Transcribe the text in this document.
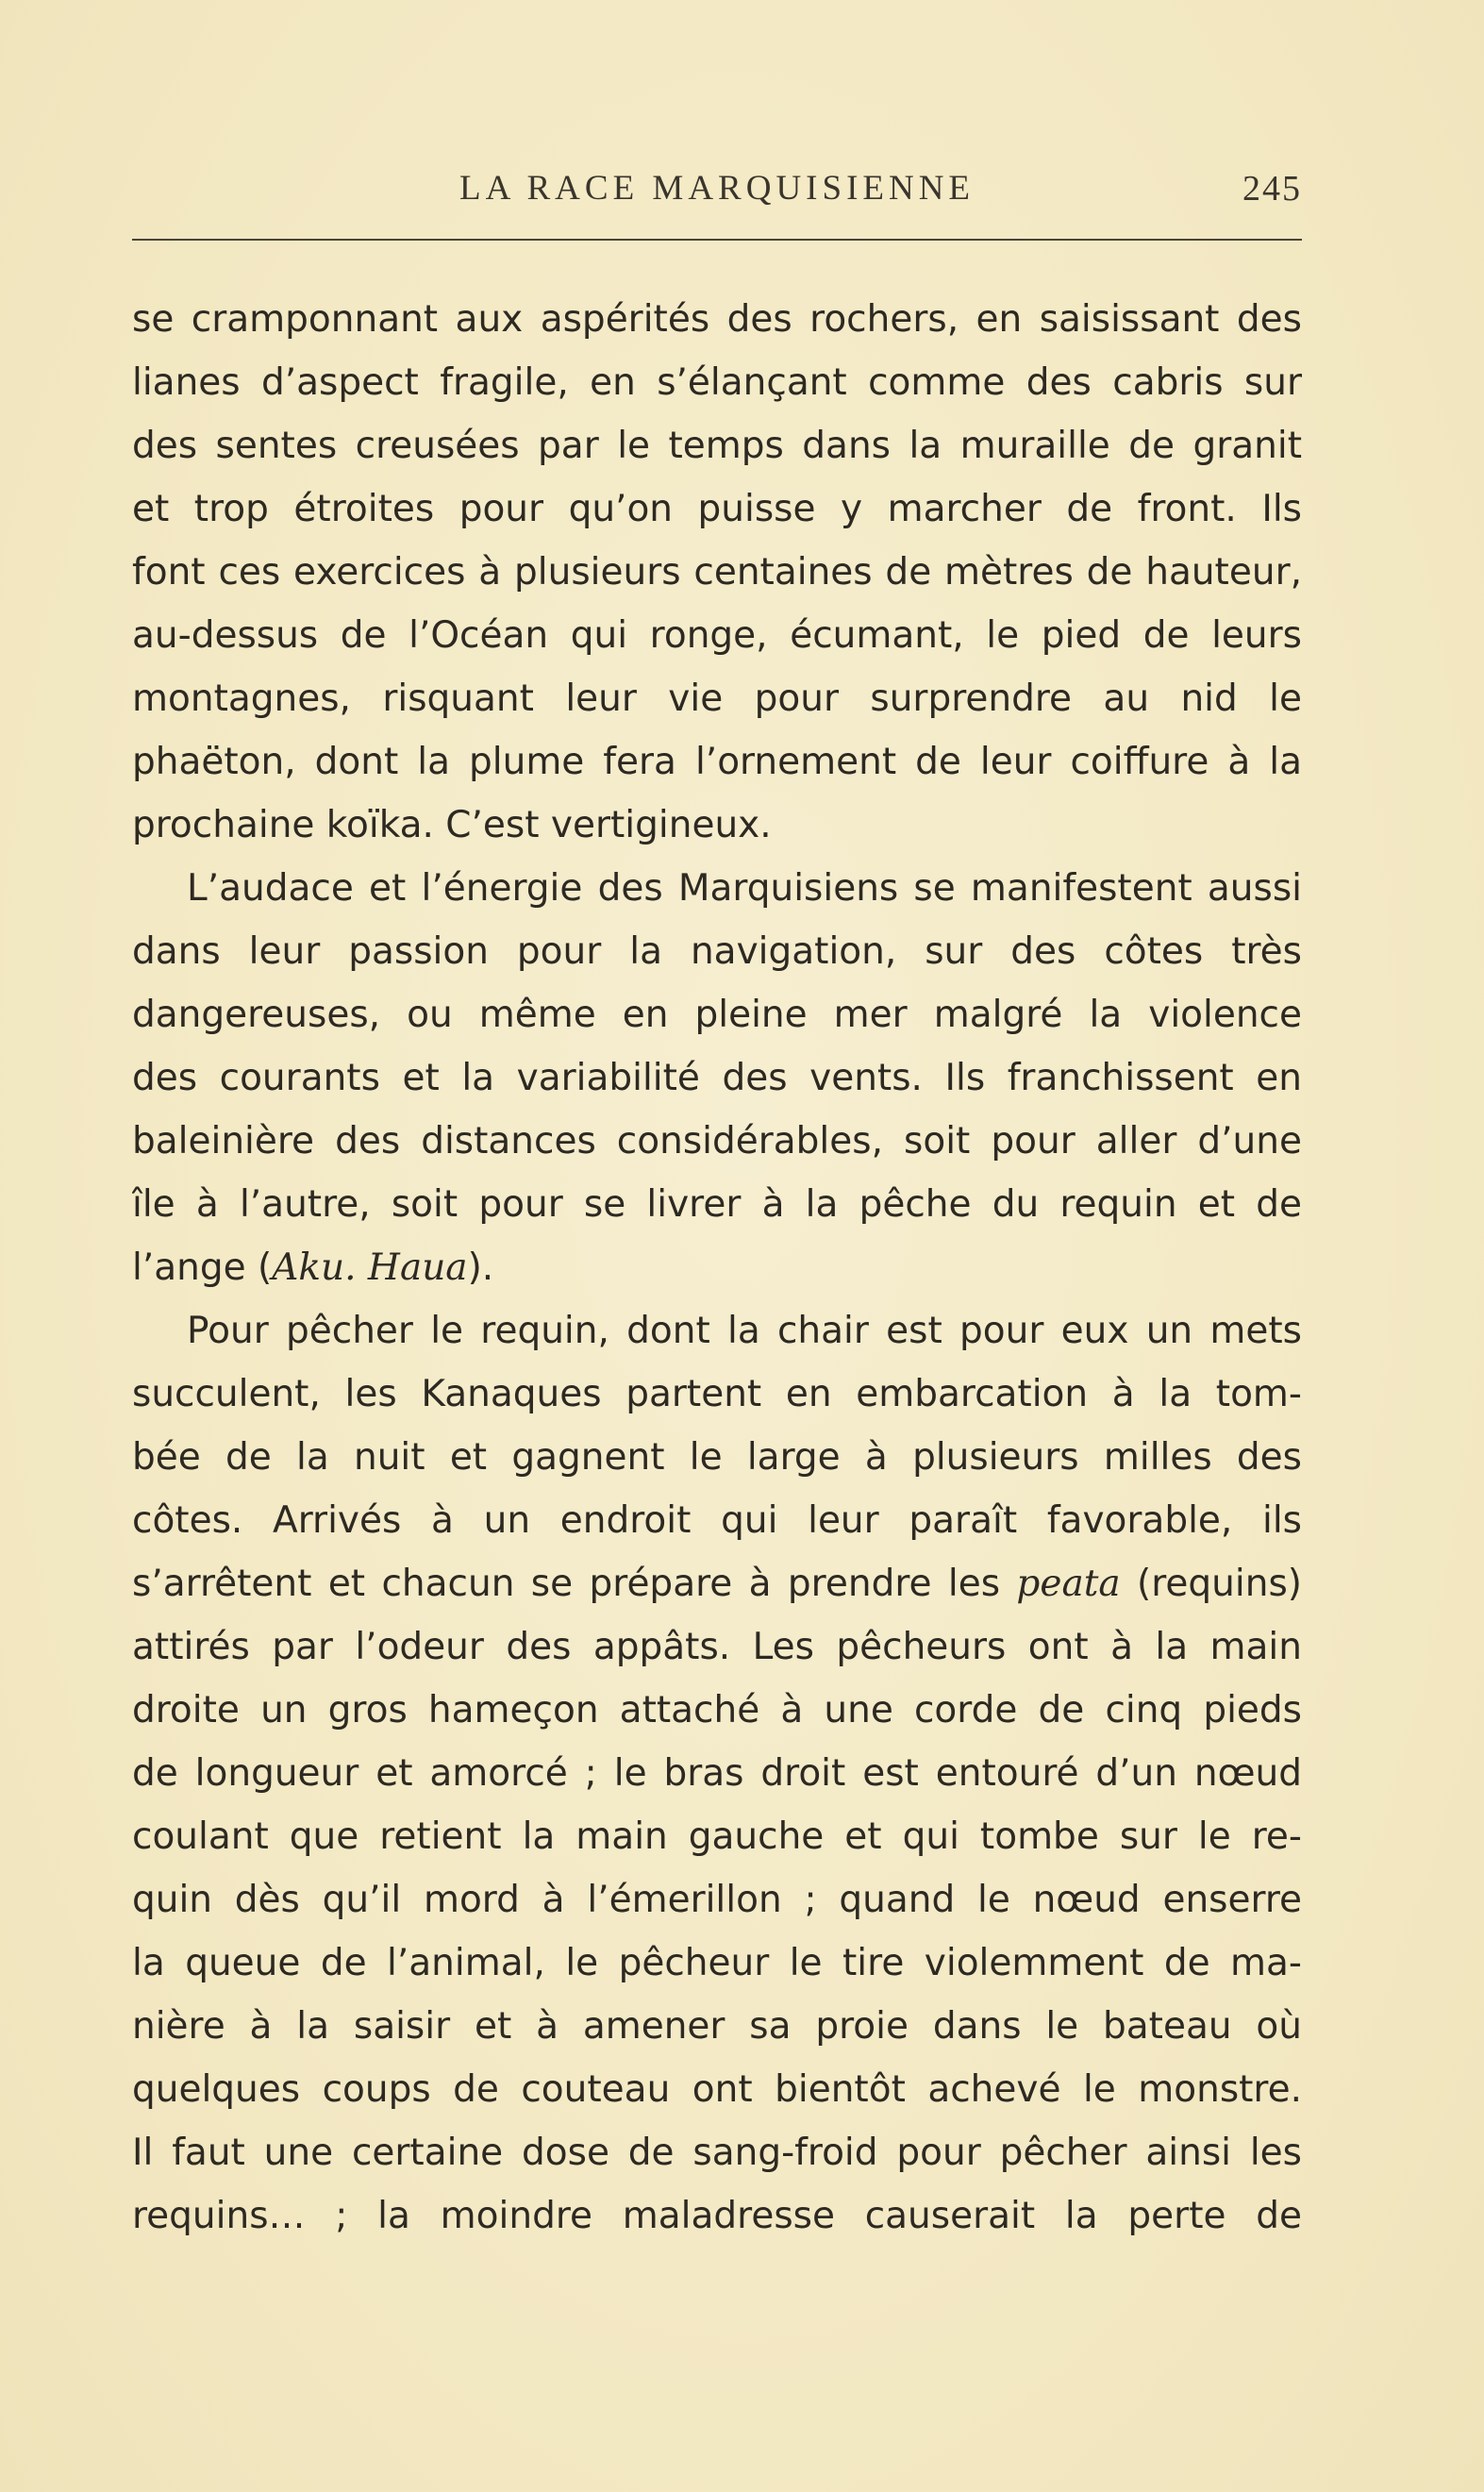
LA RACE MARQUISIENNE	245
se cramponnant aux aspérités des rochers, en saisissant des
lianes d’aspect fragile, en s’élançant comme des cabris sur
des sentes creusées par le temps dans la muraille de granit
et trop étroites pour qu’on puisse y marcher de front. Ils
font ces exercices à plusieurs centaines de mètres de hauteur,
au-dessus de l’Océan qui ronge, écumant, le pied de leurs
montagnes, risquant leur vie pour surprendre au nid le
phaëton, dont la plume fera l’ornement de leur coiffure à la
prochaine koïka. C’est vertigineux.
L’audace et l’énergie des Marquisiens se manifestent aussi
dans leur passion pour la navigation, sur des côtes très
dangereuses, ou même en pleine mer malgré la violence
des courants et la variabilité des vents. Ils franchissent en
baleinière des distances considérables, soit pour aller d’une
île à l’autre, soit pour se livrer à la pêche du requin et de
l’ange (Aku. Haua).
Pour pêcher le requin, dont la chair est pour eux un mets
succulent, les Kanaques partent en embarcation à la tom-
bée de la nuit et gagnent le large à plusieurs milles des
côtes. Arrivés à un endroit qui leur paraît favorable, ils
s’arrêtent et chacun se prépare à prendre les peata (requins)
attirés par l’odeur des appâts. Les pêcheurs ont à la main
droite un gros hameçon attaché à une corde de cinq pieds
de longueur et amorcé ; le bras droit est entouré d’un nœud
coulant que retient la main gauche et qui tombe sur le re-
quin dès qu’il mord à l’émerillon ; quand le nœud enserre
la queue de l’animal, le pêcheur le tire violemment de ma-
nière à la saisir et à amener sa proie dans le bateau où
quelques coups de couteau ont bientôt achevé le monstre.
Il faut une certaine dose de sang-froid pour pêcher ainsi les
requins… ; la moindre maladresse causerait la perte de
